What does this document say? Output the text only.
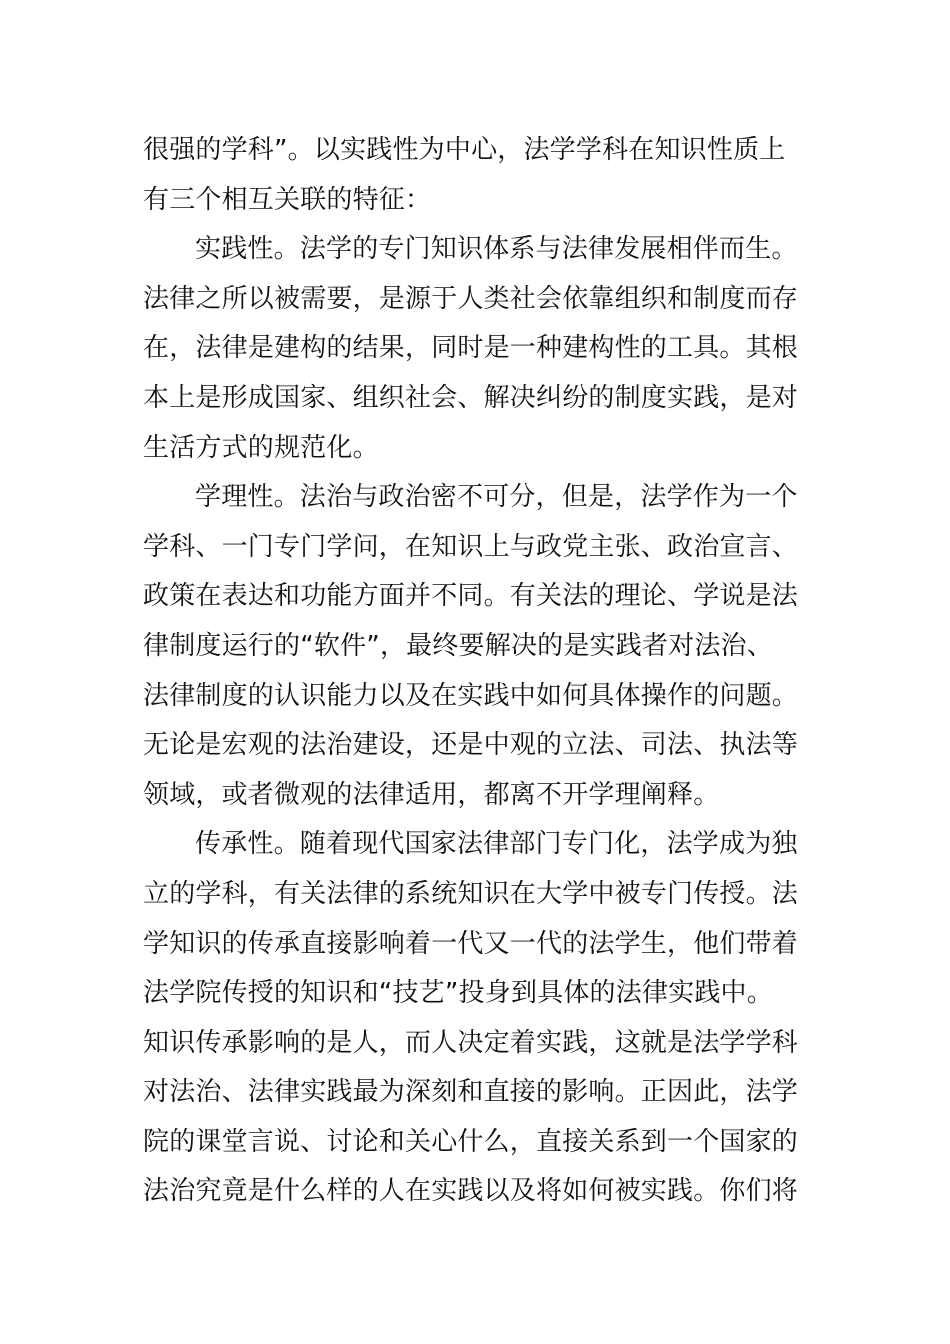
很强的学科”。以实践性为中心，法学学科在知识性质上
有三个相互关联的特征：
实践性。法学的专门知识体系与法律发展相伴而生。
法律之所以被需要，是源于人类社会依靠组织和制度而存
在，法律是建构的结果，同时是一种建构性的工具。其根
本上是形成国家、组织社会、解决纠纷的制度实践，是对
生活方式的规范化。
学理性。法治与政治密不可分，但是，法学作为一个
学科、一门专门学问，在知识上与政党主张、政治宣言、
政策在表达和功能方面并不同。有关法的理论、学说是法
律制度运行的“软件”，最终要解决的是实践者对法治、
法律制度的认识能力以及在实践中如何具体操作的问题。
无论是宏观的法治建设，还是中观的立法、司法、执法等
领域，或者微观的法律适用，都离不开学理阐释。
传承性。随着现代国家法律部门专门化，法学成为独
立的学科，有关法律的系统知识在大学中被专门传授。法
学知识的传承直接影响着一代又一代的法学生，他们带着
法学院传授的知识和“技艺”投身到具体的法律实践中。
知识传承影响的是人，而人决定着实践，这就是法学学科
对法治、法律实践最为深刻和直接的影响。正因此，法学
院的课堂言说、讨论和关心什么，直接关系到一个国家的
法治究竟是什么样的人在实践以及将如何被实践。你们将
